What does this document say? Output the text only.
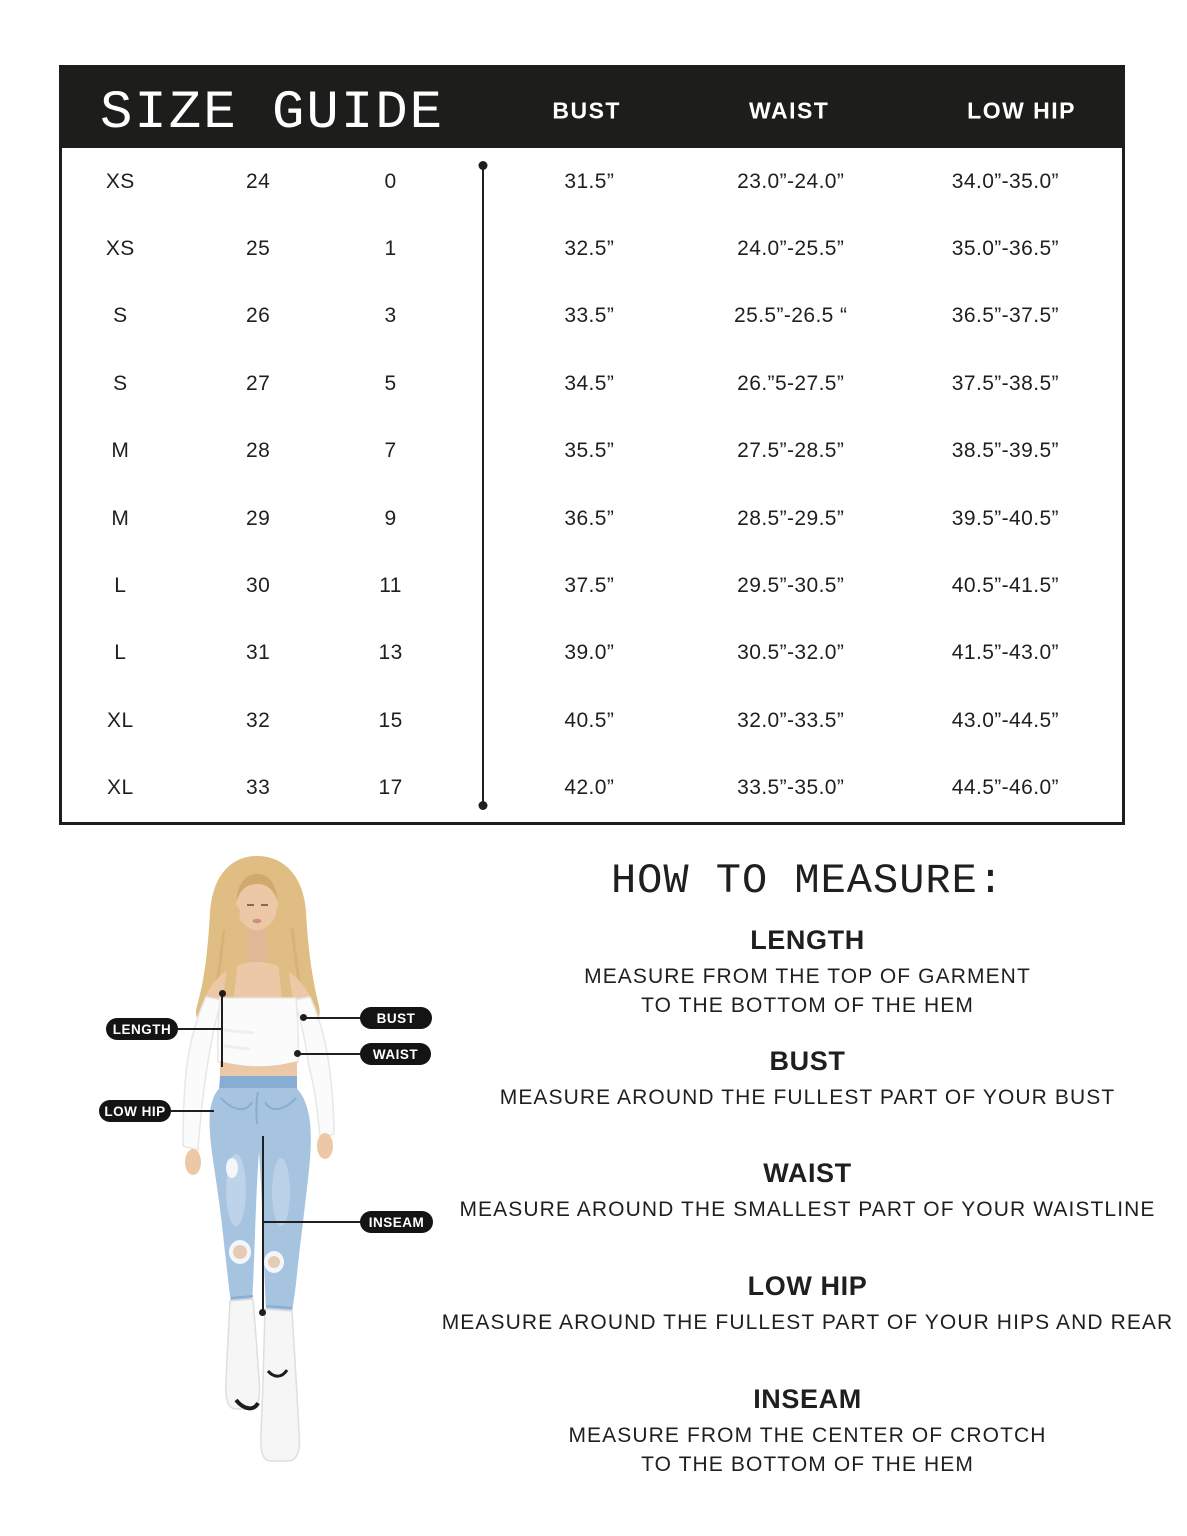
SIZE GUIDE	BUST	WAIST	LOW HIP
XS	24	0	31.5”	23.0”-24.0”	34.0”-35.0”
XS	25	1	32.5”	24.0”-25.5”	35.0”-36.5”
S	26	3	33.5”	25.5”-26.5 “	36.5”-37.5”
S	27	5	34.5”	26.”5-27.5”	37.5”-38.5”
M	28	7	35.5”	27.5”-28.5”	38.5”-39.5”
M	29	9	36.5”	28.5”-29.5”	39.5”-40.5”
L	30	11	37.5”	29.5”-30.5”	40.5”-41.5”
L	31	13	39.0”	30.5”-32.0”	41.5”-43.0”
XL	32	15	40.5”	32.0”-33.5”	43.0”-44.5”
XL	33	17	42.0”	33.5”-35.0”	44.5”-46.0”
LENGTH
BUST
WAIST
LOW HIP
INSEAM
HOW TO MEASURE:
LENGTH
MEASURE FROM THE TOP OF GARMENT
TO THE BOTTOM OF THE HEM
BUST
MEASURE AROUND THE FULLEST PART OF YOUR BUST
WAIST
MEASURE AROUND THE SMALLEST PART OF YOUR WAISTLINE
LOW HIP
MEASURE AROUND THE FULLEST PART OF YOUR HIPS AND REAR
INSEAM
MEASURE FROM THE CENTER OF CROTCH
TO THE BOTTOM OF THE HEM
